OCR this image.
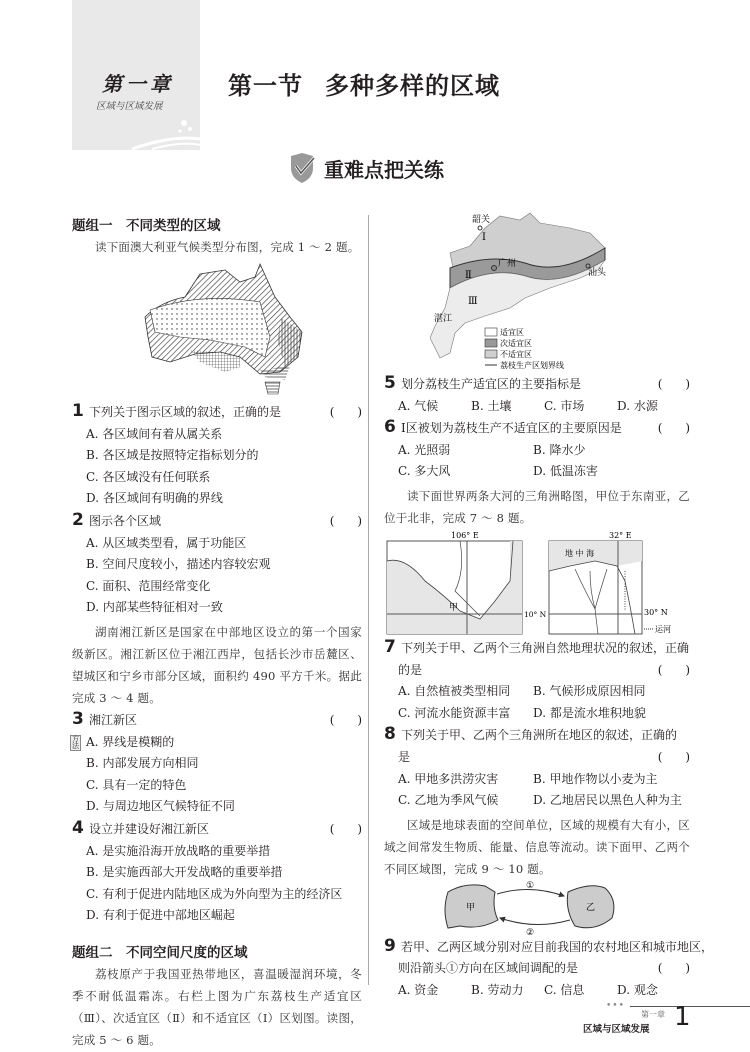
第一章
区域与区域发展
第一节 多种多样的区域
重难点把关练
题组一　不同类型的区域
读下面澳大利亚气候类型分布图，完成 1 ～ 2 题。
1 下列关于图示区域的叙述，正确的是	(      )
A. 各区域间有着从属关系
B. 各区域是按照特定指标划分的
C. 各区域没有任何联系
D. 各区域间有明确的界线
2 图示各个区域	(      )
A. 从区域类型看，属于功能区
B. 空间尺度较小，描述内容较宏观
C. 面积、范围经常变化
D. 内部某些特征相对一致
湖南湘江新区是国家在中部地区设立的第一个国家级新区。湘江新区位于湘江西岸，包括长沙市岳麓区、望城区和宁乡市部分区域，面积约 490 平方千米。据此完成 3 ～ 4 题。
方法
3 湘江新区	(      )
A. 界线是模糊的
B. 内部发展方向相同
C. 具有一定的特色
D. 与周边地区气候特征不同
4 设立并建设好湘江新区	(      )
A. 是实施沿海开放战略的重要举措
B. 是实施西部大开发战略的重要举措
C. 有利于促进内陆地区成为外向型为主的经济区
D. 有利于促进中部地区崛起
题组二　不同空间尺度的区域
荔枝原产于我国亚热带地区，喜温暖湿润环境，冬季不耐低温霜冻。右栏上图为广东荔枝生产适宜区（Ⅲ）、次适宜区（Ⅱ）和不适宜区（Ⅰ）区划图。读图，完成 5 ～ 6 题。
韶关
广州
汕头
湛江
Ⅰ
Ⅱ
Ⅲ
适宜区
次适宜区
不适宜区
荔枝生产区划界线
5 划分荔枝生产适宜区的主要指标是	(      )
A. 气候	B. 土壤	C. 市场	D. 水源
6 Ⅰ区被划为荔枝生产不适宜区的主要原因是	(      )
A. 光照弱	B. 降水少
C. 多大风	D. 低温冻害
读下面世界两条大河的三角洲略图，甲位于东南亚，乙位于北非，完成 7 ～ 8 题。
106° E
10° N
甲
地 中 海
32° E
30° N
运河
7 下列关于甲、乙两个三角洲自然地理状况的叙述，正确
的是	(      )
A. 自然植被类型相同	B. 气候形成原因相同
C. 河流水能资源丰富	D. 都是流水堆积地貌
8 下列关于甲、乙两个三角洲所在地区的叙述，正确的
是	(      )
A. 甲地多洪涝灾害	B. 甲地作物以小麦为主
C. 乙地为季风气候	D. 乙地居民以黑色人种为主
区域是地球表面的空间单位，区域的规模有大有小，区域之间常发生物质、能量、信息等流动。读下面甲、乙两个不同区域图，完成 9 ～ 10 题。
甲	乙
①
②
9 若甲、乙两区域分别对应目前我国的农村地区和城市地区，
则沿箭头①方向在区域间调配的是	(      )
A. 资金	B. 劳动力	C. 信息	D. 观念
•••
第一章
区域与区域发展 1
